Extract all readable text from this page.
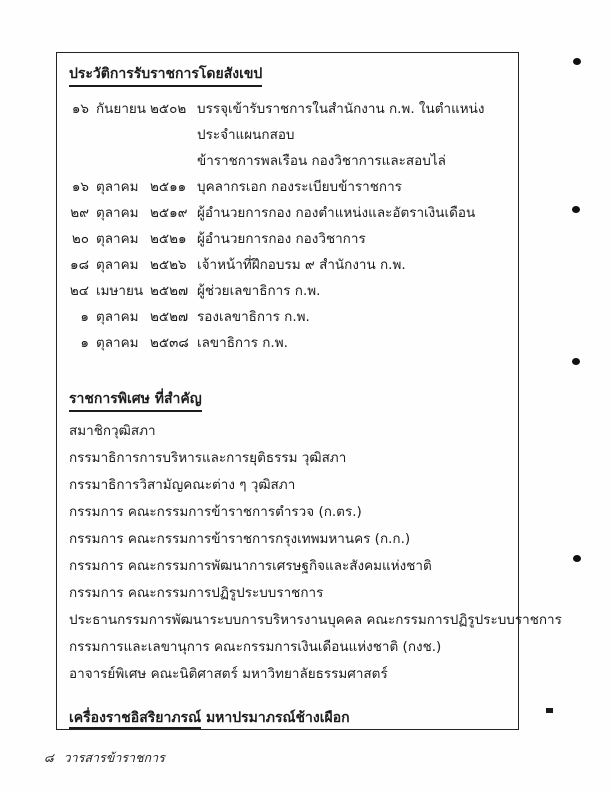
ประวัติการรับราชการโดยสังเขป
๑๖ กันยายน ๒๕๐๒ บรรจุเข้ารับราชการในสำนักงาน ก.พ. ในตำแหน่ง ประจำแผนกสอบ
ข้าราชการพลเรือน กองวิชาการและสอบไล่
๑๖ ตุลาคม ๒๕๑๑ บุคลากรเอก กองระเบียบข้าราชการ
๒๙ ตุลาคม ๒๕๑๙ ผู้อำนวยการกอง กองตำแหน่งและอัตราเงินเดือน
๒๐ ตุลาคม ๒๕๒๑ ผู้อำนวยการกอง กองวิชาการ
๑๘ ตุลาคม ๒๕๒๖ เจ้าหน้าที่ฝึกอบรม ๙ สำนักงาน ก.พ.
๒๔ เมษายน ๒๕๒๗ ผู้ช่วยเลขาธิการ ก.พ.
๑ ตุลาคม ๒๕๒๗ รองเลขาธิการ ก.พ.
๑ ตุลาคม ๒๕๓๘ เลขาธิการ ก.พ.
ราชการพิเศษ ที่สำคัญ
สมาชิกวุฒิสภา
กรรมาธิการการบริหารและการยุติธรรม วุฒิสภา
กรรมาธิการวิสามัญคณะต่าง ๆ วุฒิสภา
กรรมการ คณะกรรมการข้าราชการตำรวจ (ก.ตร.)
กรรมการ คณะกรรมการข้าราชการกรุงเทพมหานคร (ก.ก.)
กรรมการ คณะกรรมการพัฒนาการเศรษฐกิจและสังคมแห่งชาติ
กรรมการ คณะกรรมการปฏิรูประบบราชการ
ประธานกรรมการพัฒนาระบบการบริหารงานบุคคล คณะกรรมการปฏิรูประบบราชการ
กรรมการและเลขานุการ คณะกรรมการเงินเดือนแห่งชาติ (กงช.)
อาจารย์พิเศษ คณะนิติศาสตร์ มหาวิทยาลัยธรรมศาสตร์
เครื่องราชอิสริยาภรณ์ มหาปรมาภรณ์ช้างเผือก
๘ วารสารข้าราชการ
